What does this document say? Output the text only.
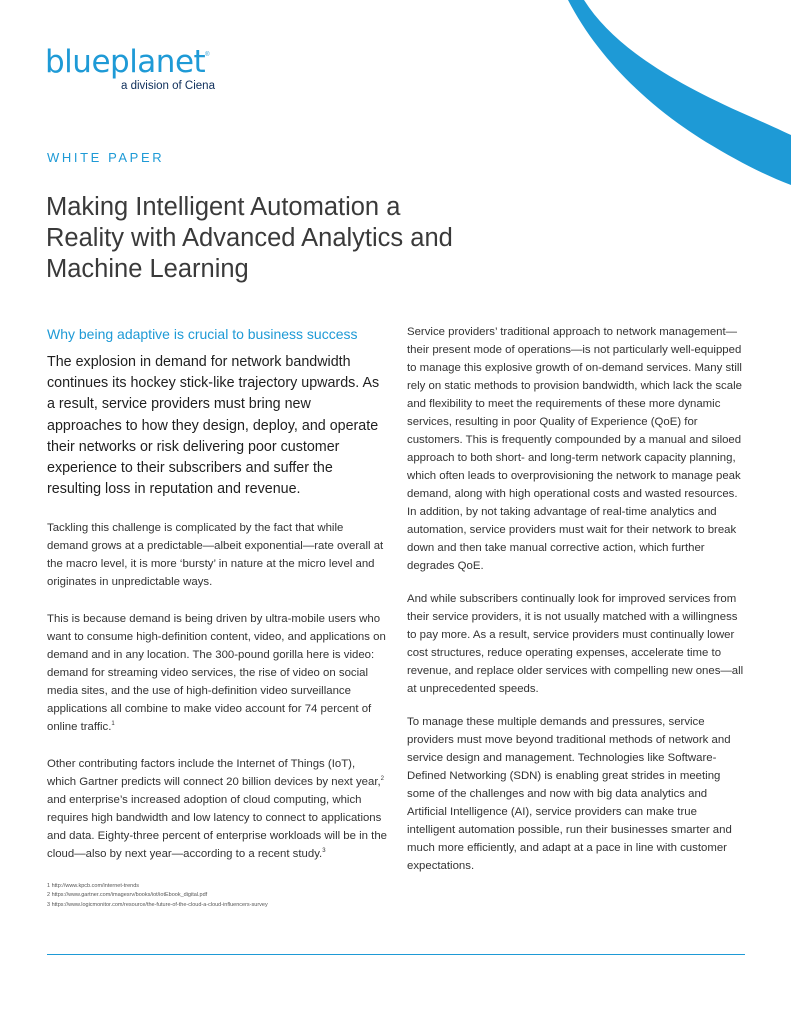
blueplanet®
a division of Ciena
WHITE PAPER
Making Intelligent Automation a Reality with Advanced Analytics and Machine Learning
Why being adaptive is crucial to business success

The explosion in demand for network bandwidth continues its hockey stick-like trajectory upwards. As a result, service providers must bring new approaches to how they design, deploy, and operate their networks or risk delivering poor customer experience to their subscribers and suffer the resulting loss in reputation and revenue.

Tackling this challenge is complicated by the fact that while demand grows at a predictable—albeit exponential—rate overall at the macro level, it is more ‘bursty’ in nature at the micro level and originates in unpredictable ways.

This is because demand is being driven by ultra-mobile users who want to consume high-definition content, video, and applications on demand and in any location. The 300-pound gorilla here is video: demand for streaming video services, the rise of video on social media sites, and the use of high-definition video surveillance applications all combine to make video account for 74 percent of online traffic.$^1$

Other contributing factors include the Internet of Things (IoT), which Gartner predicts will connect 20 billion devices by next year,$^2$ and enterprise’s increased adoption of cloud computing, which requires high bandwidth and low latency to connect to applications and data. Eighty-three percent of enterprise workloads will be in the cloud—also by next year—according to a recent study.$^3$

Service providers’ traditional approach to network management—their present mode of operations—is not particularly well-equipped to manage this explosive growth of on-demand services. Many still rely on static methods to provision bandwidth, which lack the scale and flexibility to meet the requirements of these more dynamic services, resulting in poor Quality of Experience (QoE) for customers. This is frequently compounded by a manual and siloed approach to both short- and long-term network capacity planning, which often leads to overprovisioning the network to manage peak demand, along with high operational costs and wasted resources. In addition, by not taking advantage of real-time analytics and automation, service providers must wait for their network to break down and then take manual corrective action, which further degrades QoE.

And while subscribers continually look for improved services from their service providers, it is not usually matched with a willingness to pay more. As a result, service providers must continually lower cost structures, reduce operating expenses, accelerate time to revenue, and replace older services with compelling new ones—all at unprecedented speeds.

To manage these multiple demands and pressures, service providers must move beyond traditional methods of network and service design and management. Technologies like Software-Defined Networking (SDN) is enabling great strides in meeting some of the challenges and now with big data analytics and Artificial Intelligence (AI), service providers can make true intelligent automation possible, run their businesses smarter and much more efficiently, and adapt at a pace in line with customer expectations.

1 http://www.kpcb.com/internet-trends
2 https://www.gartner.com/imagesrv/books/iot/iotEbook_digital.pdf
3 https://www.logicmonitor.com/resource/the-future-of-the-cloud-a-cloud-influencers-survey
